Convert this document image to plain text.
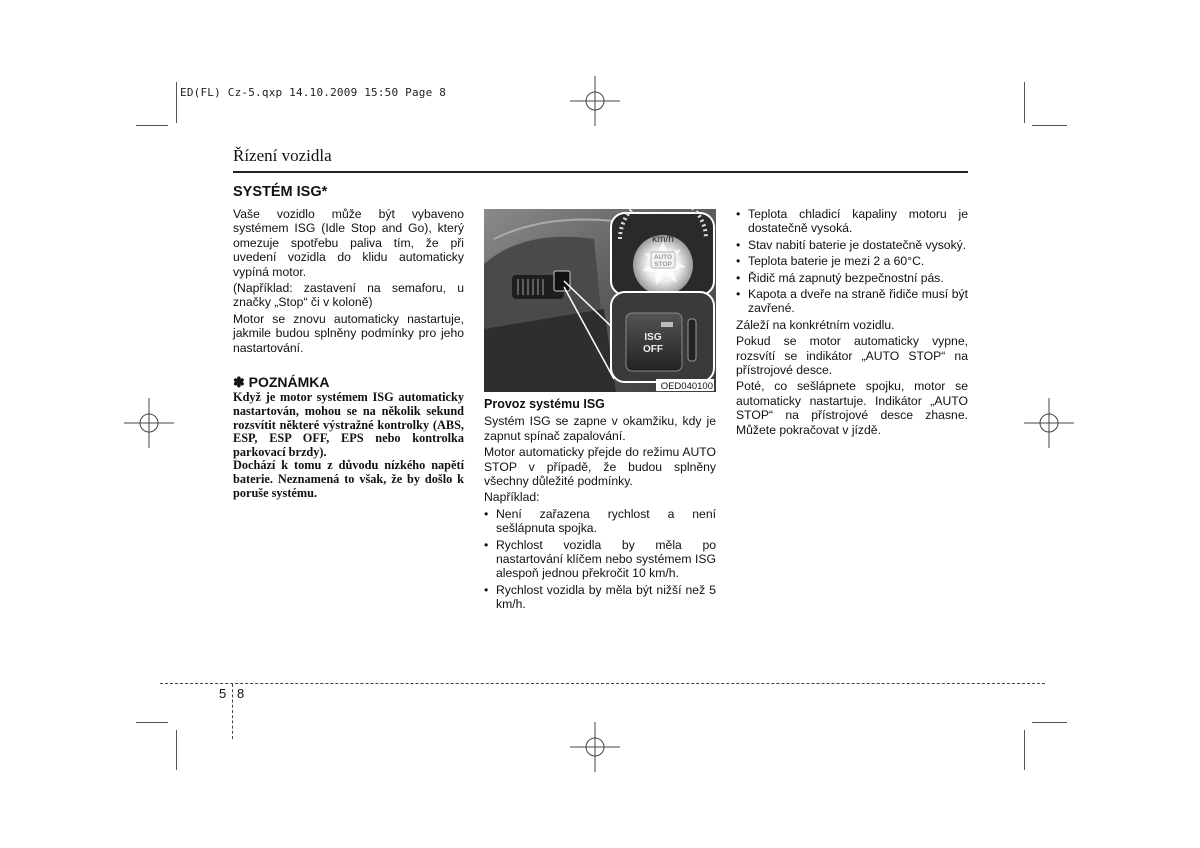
ED(FL) Cz-5.qxp 14.10.2009 15:50 Page 8
Řízení vozidla
SYSTÉM ISG*

Vaše vozidlo může být vybaveno systémem ISG (Idle Stop and Go), který omezuje spotřebu paliva tím, že při uvedení vozidla do klidu automaticky vypíná motor.

(Například: zastavení na semaforu, u značky „Stop“ či v koloně)

Motor se znovu automaticky nastartuje, jakmile budou splněny podmínky pro jeho nastartování.

✽ POZNÁMKA

Když je motor systémem ISG automaticky nastartován, mohou se na několik sekund rozsvítit některé výstražné kontrolky (ABS, ESP, ESP OFF, EPS nebo kontrolka parkovací brzdy).

Dochází k tomu z důvodu nízkého napětí baterie. Neznamená to však, že by došlo k poruše systému.

km/h
AUTO
STOP
ISG
OFF
OED040100
Provoz systému ISG

Systém ISG se zapne v okamžiku, kdy je zapnut spínač zapalování.

Motor automaticky přejde do režimu AUTO STOP v případě, že budou splněny všechny důležité podmínky.

Například:

• Není zařazena rychlost a není sešlápnuta spojka.
• Rychlost vozidla by měla po nastartování klíčem nebo systémem ISG alespoň jednou překročit 10 km/h.
• Rychlost vozidla by měla být nižší než 5 km/h.
• Teplota chladicí kapaliny motoru je dostatečně vysoká.
• Stav nabití baterie je dostatečně vysoký.
• Teplota baterie je mezi 2 a 60°C.
• Řidič má zapnutý bezpečnostní pás.
• Kapota a dveře na straně řidiče musí být zavřené.

Záleží na konkrétním vozidlu.

Pokud se motor automaticky vypne, rozsvítí se indikátor „AUTO STOP“ na přístrojové desce.

Poté, co sešlápnete spojku, motor se automaticky nastartuje. Indikátor „AUTO STOP“ na přístrojové desce zhasne. Můžete pokračovat v jízdě.

5 8
